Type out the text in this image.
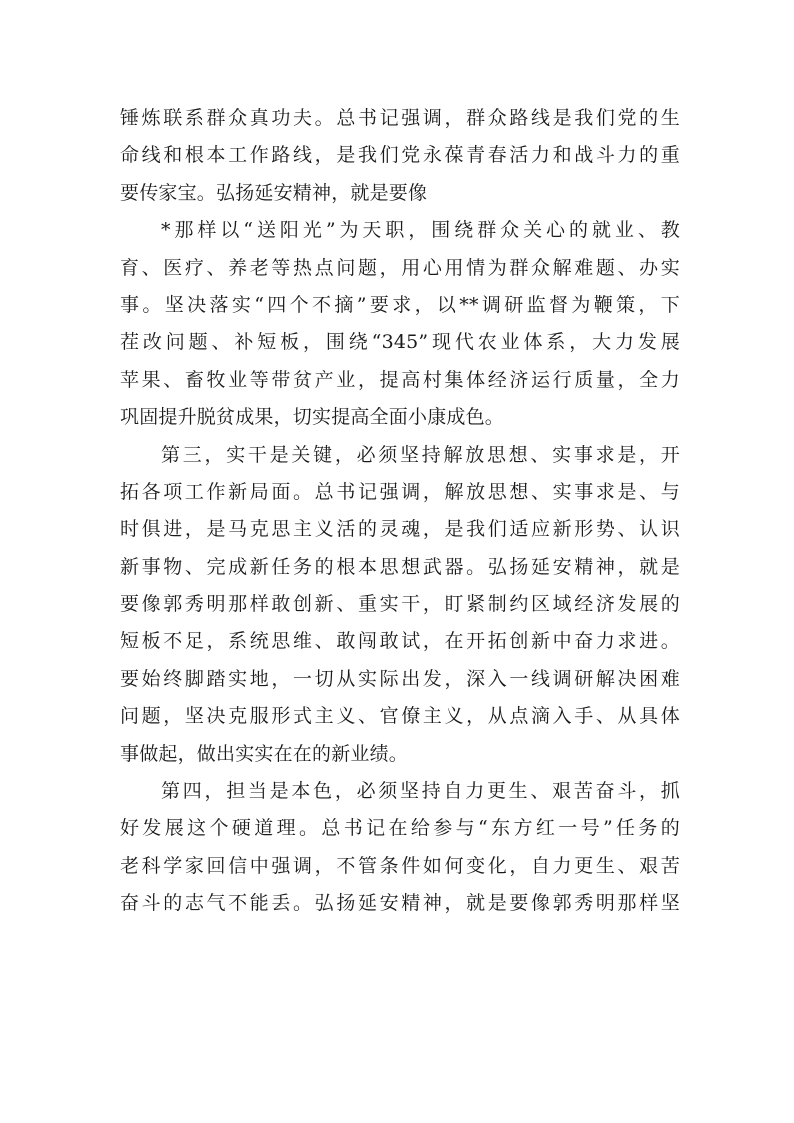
锤炼联系群众真功夫。总书记强调，群众路线是我们党的生
命线和根本工作路线，是我们党永葆青春活力和战斗力的重
要传家宝。弘扬延安精神，就是要像
*那样以“送阳光”为天职，围绕群众关心的就业、教
育、医疗、养老等热点问题，用心用情为群众解难题、办实
事。坚决落实“四个不摘”要求，以**调研监督为鞭策，下
茬改问题、补短板，围绕“345”现代农业体系，大力发展
苹果、畜牧业等带贫产业，提高村集体经济运行质量，全力
巩固提升脱贫成果，切实提高全面小康成色。
第三，实干是关键，必须坚持解放思想、实事求是，开
拓各项工作新局面。总书记强调，解放思想、实事求是、与
时俱进，是马克思主义活的灵魂，是我们适应新形势、认识
新事物、完成新任务的根本思想武器。弘扬延安精神，就是
要像郭秀明那样敢创新、重实干，盯紧制约区域经济发展的
短板不足，系统思维、敢闯敢试，在开拓创新中奋力求进。
要始终脚踏实地，一切从实际出发，深入一线调研解决困难
问题，坚决克服形式主义、官僚主义，从点滴入手、从具体
事做起，做出实实在在的新业绩。
第四，担当是本色，必须坚持自力更生、艰苦奋斗，抓
好发展这个硬道理。总书记在给参与“东方红一号”任务的
老科学家回信中强调，不管条件如何变化，自力更生、艰苦
奋斗的志气不能丢。弘扬延安精神，就是要像郭秀明那样坚
